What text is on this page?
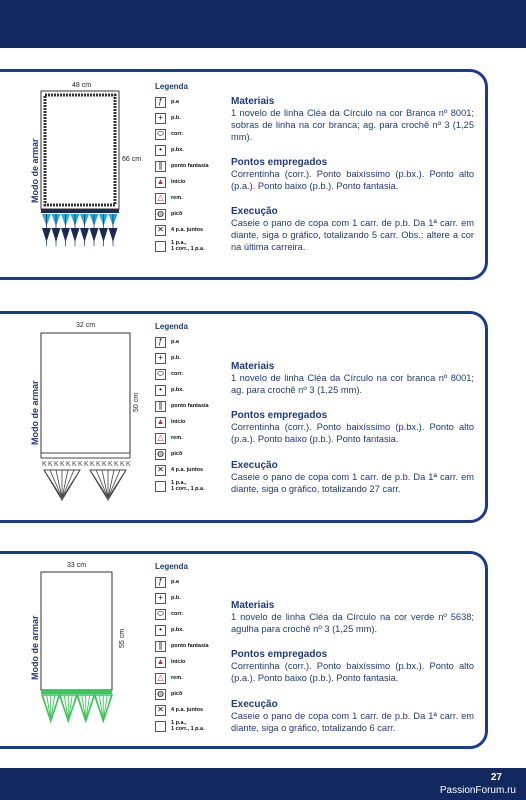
Modo de armar
48 cm
66 cm
Legenda
ƒ	p.a
+	p.b.
⬭	corr.
•	p.bx.
∥	ponto fantasia
▲ início
△	rem.
◍	picô
✕	4 p.a. juntos
1 p.a.,
1 corr., 1 p.a.
Materiais
1 novelo de linha Cléa da Círculo na cor Branca nº 8001; sobras de linha na cor branca; ag. para crochê nº 3 (1,25 mm).
Pontos empregados
Correntinha (corr.). Ponto baixíssimo (p.bx.). Ponto alto (p.a.). Ponto baixo (p.b.). Ponto fantasia.
Execução
Caseie o pano de copa com 1 carr. de p.b. Da 1ª carr. em diante, siga o gráfico, totalizando 5 carr. Obs.: altere a cor na última carreira.
Modo de armar
32 cm
50 cm
K K K K K K K K K K K K K K K
Legenda
ƒ	p.a
+	p.b.
⬭	corr.
•	p.bx.
∥	ponto fantasia
▲ início
△	rem.
◍	picô
✕	4 p.a. juntos
1 p.a.,
1 corr., 1 p.a.
Materiais
1 novelo de linha Cléa da Círculo na cor branca nº 8001; ag. para crochê nº 3 (1,25 mm).
Pontos empregados
Correntinha (corr.). Ponto baixíssimo (p.bx.). Ponto alto (p.a.). Ponto baixo (p.b.). Ponto fantasia.
Execução
Caseie o pano de copa com 1 carr. de p.b. Da 1ª carr. em diante, siga o gráfico, totalizando 27 carr.
Modo de armar
33 cm
55 cm
Legenda
ƒ	p.a
+	p.b.
⬭	corr.
•	p.bx.
∥	ponto fantasia
▲ início
△	rem.
◍	picô
✕	4 p.a. juntos
1 p.a.,
1 corr., 1 p.a.
Materiais
1 novelo de linha Cléa da Círculo na cor verde nº 5638; agulha para crochê nº 3 (1,25 mm).
Pontos empregados
Correntinha (corr.). Ponto baixíssimo (p.bx.). Ponto alto (p.a.). Ponto baixo (p.b.). Ponto fantasia.
Execução
Caseie o pano de copa com 1 carr. de p.b. Da 1ª carr. em diante, siga o gráfico, totalizando 6 carr.
27
PassionForum.ru
